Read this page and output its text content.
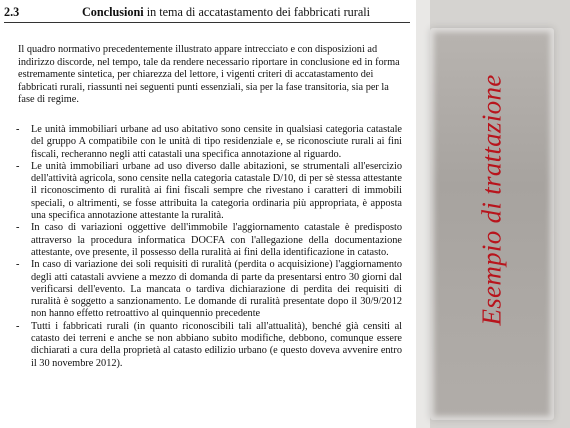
2.3	Conclusioni in tema di accatastamento dei fabbricati rurali

Il quadro normativo precedentemente illustrato appare intrecciato e con disposizioni ad indirizzo discorde, nel tempo, tale da rendere necessario riportare in conclusione ed in forma estremamente sintetica, per chiarezza del lettore, i vigenti criteri di accatastamento dei fabbricati rurali, riassunti nei seguenti punti essenziali, sia per la fase transitoria, sia per la fase di regime.

- Le unità immobiliari urbane ad uso abitativo sono censite in qualsiasi categoria catastale del gruppo A compatibile con le unità di tipo residenziale e, se riconosciute rurali ai fini fiscali, recheranno negli atti catastali una specifica annotazione al riguardo.
- Le unità immobiliari urbane ad uso diverso dalle abitazioni, se strumentali all'esercizio dell'attività agricola, sono censite nella categoria catastale D/10, di per sè stessa attestante il riconoscimento di ruralità ai fini fiscali sempre che rivestano i caratteri di immobili speciali, o altrimenti, se fosse attribuita la categoria ordinaria più appropriata, è apposta una specifica annotazione attestante la ruralità.
- In caso di variazioni oggettive dell'immobile l'aggiornamento catastale è predisposto attraverso la procedura informatica DOCFA con l'allegazione della documentazione attestante, ove presente, il possesso della ruralità ai fini della identificazione in catasto.
- In caso di variazione dei soli requisiti di ruralità (perdita o acquisizione) l'aggiornamento degli atti catastali avviene a mezzo di domanda di parte da presentarsi entro 30 giorni dal verificarsi dell'evento. La mancata o tardiva dichiarazione di perdita dei requisiti di ruralità è soggetto a sanzionamento. Le domande di ruralità presentate dopo il 30/9/2012 non hanno effetto retroattivo al quinquennio precedente
- Tutti i fabbricati rurali (in quanto riconoscibili tali all'attualità), benché già censiti al catasto dei terreni e anche se non abbiano subito modifiche, debbono, comunque essere dichiarati a cura della proprietà al catasto edilizio urbano (e questo doveva avvenire entro il 30 novembre 2012).
Esempio di trattazione
